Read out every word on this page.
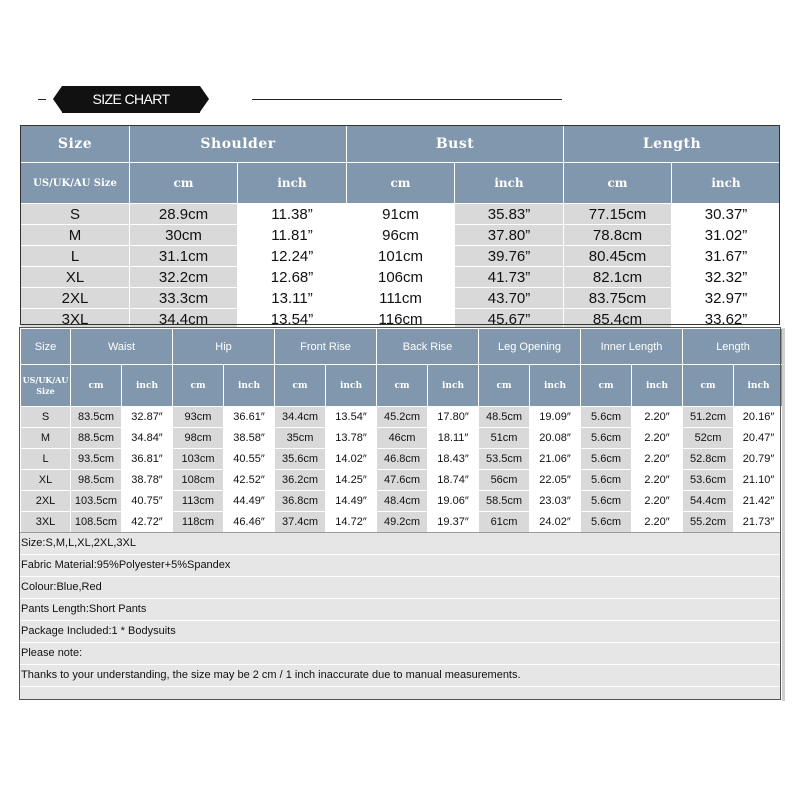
SIZE CHART
Size	Shoulder		Bust		Length	
US/UK/AU Size	cm	inch	cm	inch	cm	inch
S	28.9cm	11.38”	91cm	35.83”	77.15cm	30.37”
M	30cm	11.81”	96cm	37.80”	78.8cm	31.02”
L	31.1cm	12.24”	101cm	39.76”	80.45cm	31.67”
XL	32.2cm	12.68”	106cm	41.73”	82.1cm	32.32”
2XL	33.3cm	13.11”	111cm	43.70”	83.75cm	32.97”
3XL	34.4cm	13.54”	116cm	45.67”	85.4cm	33.62”
Size	Waist		Hip		Front Rise		Back Rise		Leg Opening		Inner Length		Length	
US/UK/AU Size	cm	inch	cm	inch	cm	inch	cm	inch	cm	inch	cm	inch	cm	inch
S	83.5cm	32.87″	93cm	36.61″	34.4cm	13.54″	45.2cm	17.80″	48.5cm	19.09″	5.6cm	2.20″	51.2cm	20.16″
M	88.5cm	34.84″	98cm	38.58″	35cm	13.78″	46cm	18.11″	51cm	20.08″	5.6cm	2.20″	52cm	20.47″
L	93.5cm	36.81″	103cm	40.55″	35.6cm	14.02″	46.8cm	18.43″	53.5cm	21.06″	5.6cm	2.20″	52.8cm	20.79″
XL	98.5cm	38.78″	108cm	42.52″	36.2cm	14.25″	47.6cm	18.74″	56cm	22.05″	5.6cm	2.20″	53.6cm	21.10″
2XL	103.5cm	40.75″	113cm	44.49″	36.8cm	14.49″	48.4cm	19.06″	58.5cm	23.03″	5.6cm	2.20″	54.4cm	21.42″
3XL	108.5cm	42.72″	118cm	46.46″	37.4cm	14.72″	49.2cm	19.37″	61cm	24.02″	5.6cm	2.20″	55.2cm	21.73″
Size:S,M,L,XL,2XL,3XL
Fabric Material:95%Polyester+5%Spandex
Colour:Blue,Red
Pants Length:Short Pants
Package Included:1 * Bodysuits
Please note:
Thanks to your understanding, the size may be 2 cm / 1 inch inaccurate due to manual measurements.
